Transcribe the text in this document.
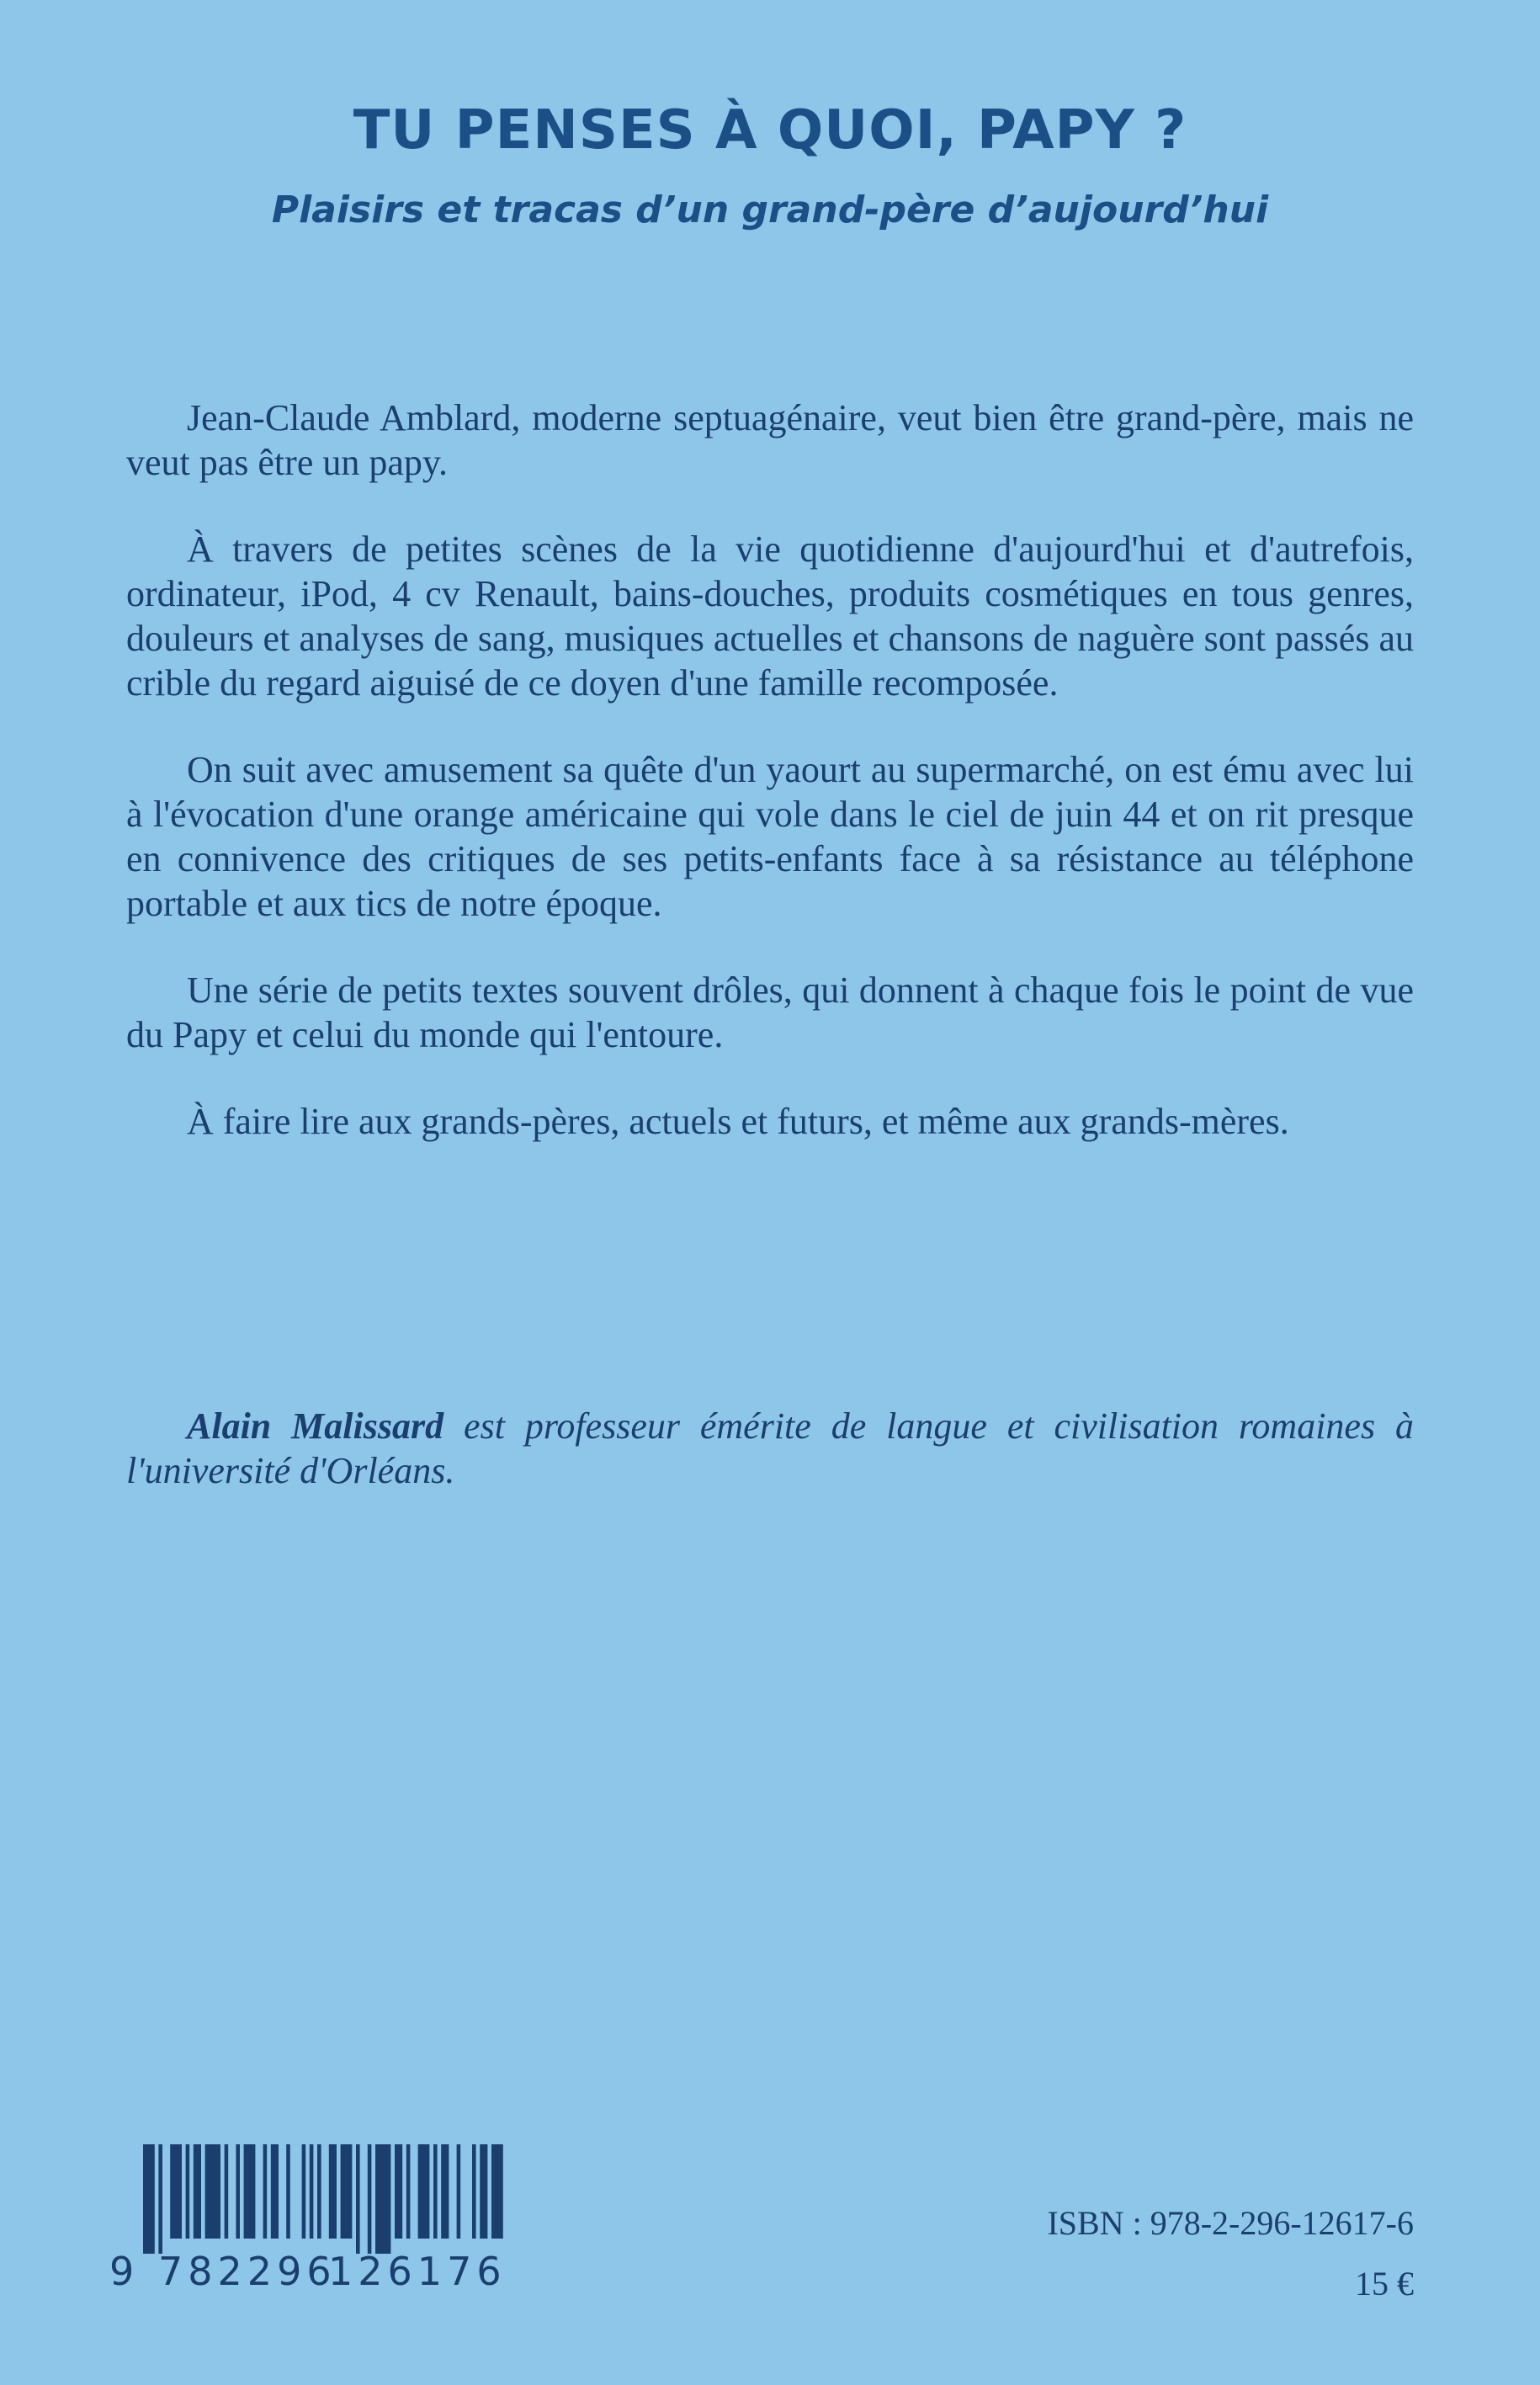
TU PENSES À QUOI, PAPY ?
Plaisirs et tracas d’un grand-père d’aujourd’hui

Jean-Claude Amblard, moderne septuagénaire, veut bien être grand-père, mais ne veut pas être un papy.

À travers de petites scènes de la vie quotidienne d'aujourd'hui et d'autrefois, ordinateur, iPod, 4 cv Renault, bains-douches, produits cosmétiques en tous genres, douleurs et analyses de sang, musiques actuelles et chansons de naguère sont passés au crible du regard aiguisé de ce doyen d'une famille recomposée.

On suit avec amusement sa quête d'un yaourt au supermarché, on est ému avec lui à l'évocation d'une orange américaine qui vole dans le ciel de juin 44 et on rit presque en connivence des critiques de ses petits-enfants face à sa résistance au téléphone portable et aux tics de notre époque.

Une série de petits textes souvent drôles, qui donnent à chaque fois le point de vue du Papy et celui du monde qui l'entoure.

À faire lire aux grands-pères, actuels et futurs, et même aux grands-mères.

Alain Malissard est professeur émérite de langue et civilisation romaines à l'université d'Orléans.

9 782296
126176

ISBN : 978-2-296-12617-6

15 €
